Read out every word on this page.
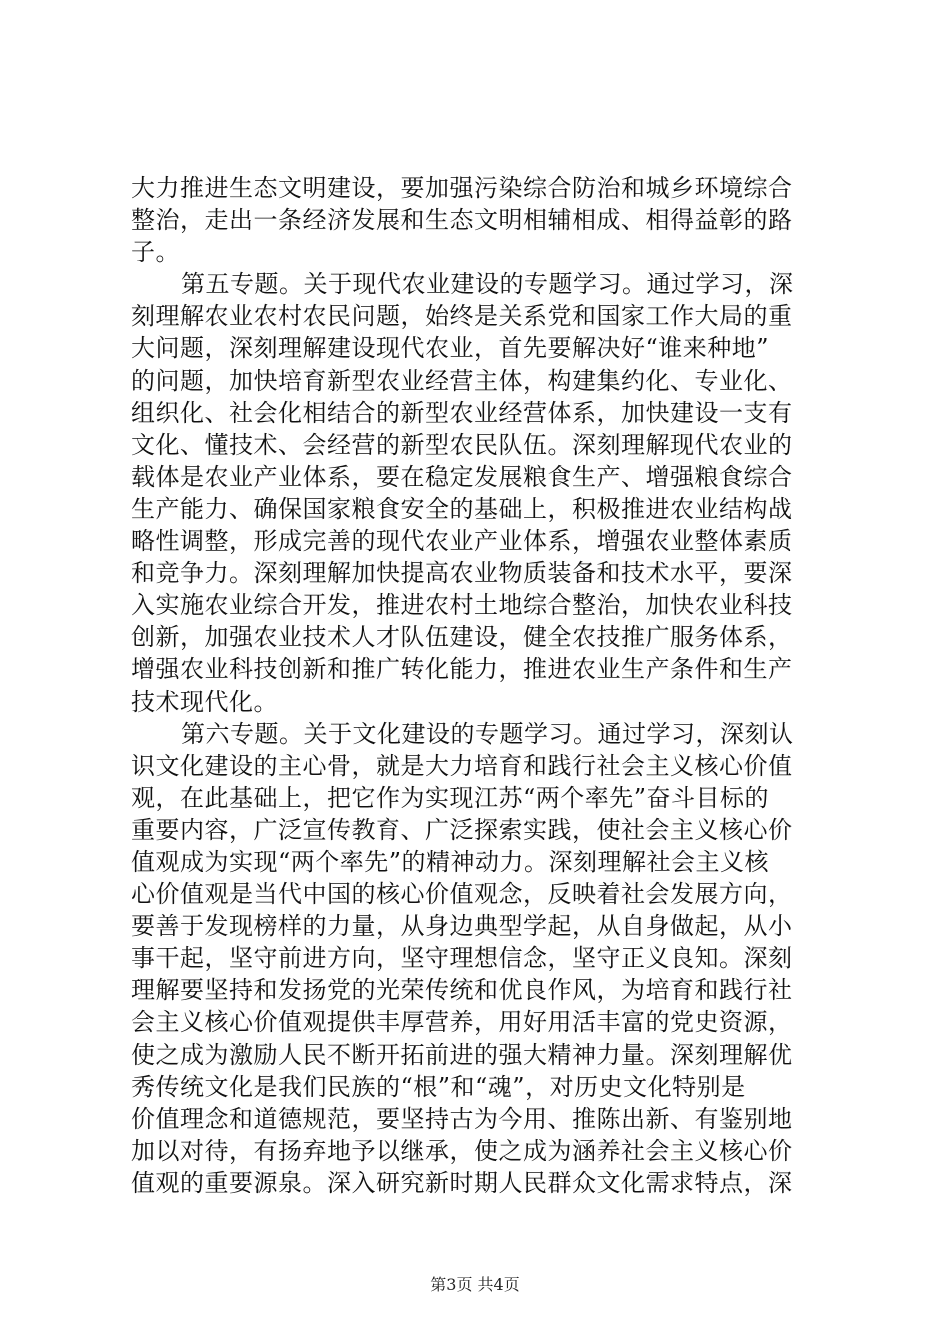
大力推进生态文明建设，要加强污染综合防治和城乡环境综合
整治，走出一条经济发展和生态文明相辅相成、相得益彰的路
子。
第五专题。关于现代农业建设的专题学习。通过学习，深
刻理解农业农村农民问题，始终是关系党和国家工作大局的重
大问题，深刻理解建设现代农业，首先要解决好“谁来种地”
的问题，加快培育新型农业经营主体，构建集约化、专业化、
组织化、社会化相结合的新型农业经营体系，加快建设一支有
文化、懂技术、会经营的新型农民队伍。深刻理解现代农业的
载体是农业产业体系，要在稳定发展粮食生产、增强粮食综合
生产能力、确保国家粮食安全的基础上，积极推进农业结构战
略性调整，形成完善的现代农业产业体系，增强农业整体素质
和竞争力。深刻理解加快提高农业物质装备和技术水平，要深
入实施农业综合开发，推进农村土地综合整治，加快农业科技
创新，加强农业技术人才队伍建设，健全农技推广服务体系，
增强农业科技创新和推广转化能力，推进农业生产条件和生产
技术现代化。
第六专题。关于文化建设的专题学习。通过学习，深刻认
识文化建设的主心骨，就是大力培育和践行社会主义核心价值
观，在此基础上，把它作为实现江苏“两个率先”奋斗目标的
重要内容，广泛宣传教育、广泛探索实践，使社会主义核心价
值观成为实现“两个率先”的精神动力。深刻理解社会主义核
心价值观是当代中国的核心价值观念，反映着社会发展方向，
要善于发现榜样的力量，从身边典型学起，从自身做起，从小
事干起，坚守前进方向，坚守理想信念，坚守正义良知。深刻
理解要坚持和发扬党的光荣传统和优良作风，为培育和践行社
会主义核心价值观提供丰厚营养，用好用活丰富的党史资源，
使之成为激励人民不断开拓前进的强大精神力量。深刻理解优
秀传统文化是我们民族的“根”和“魂”，对历史文化特别是
价值理念和道德规范，要坚持古为今用、推陈出新、有鉴别地
加以对待，有扬弃地予以继承，使之成为涵养社会主义核心价
值观的重要源泉。深入研究新时期人民群众文化需求特点，深
第3页 共4页
